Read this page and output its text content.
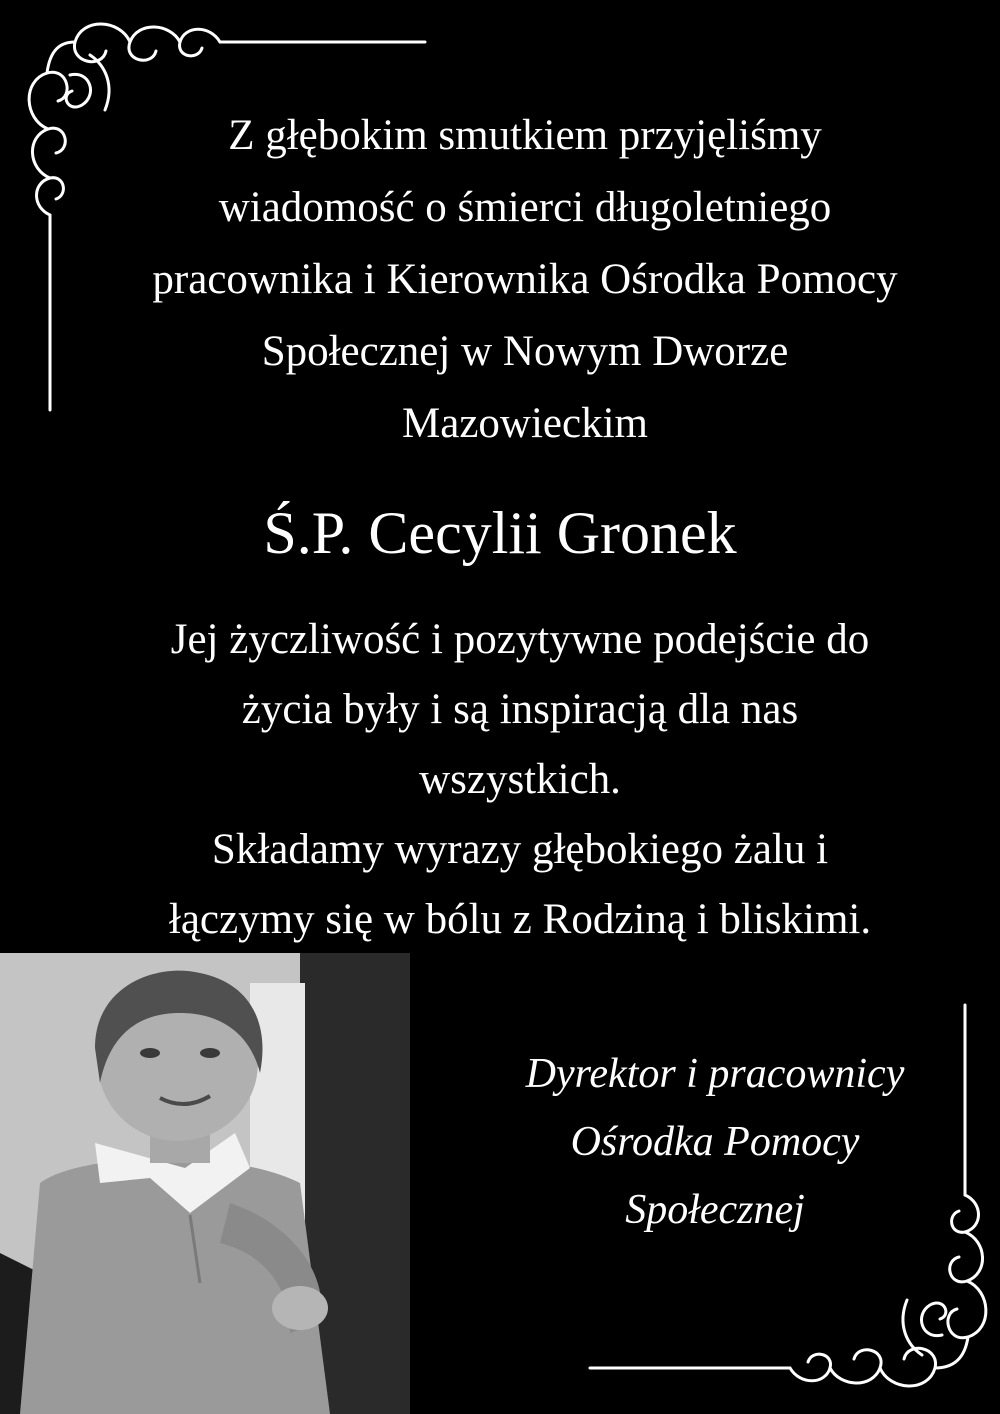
Z głębokim smutkiem przyjęliśmy
wiadomość o śmierci długoletniego
pracownika i Kierownika Ośrodka Pomocy
Społecznej w Nowym Dworze
Mazowieckim
Ś.P. Cecylii Gronek
Jej życzliwość i pozytywne podejście do
życia były i są inspiracją dla nas
wszystkich.
Składamy wyrazy głębokiego żalu i
łączymy się w bólu z Rodziną i bliskimi.
Dyrektor i pracownicy
Ośrodka Pomocy
Społecznej
